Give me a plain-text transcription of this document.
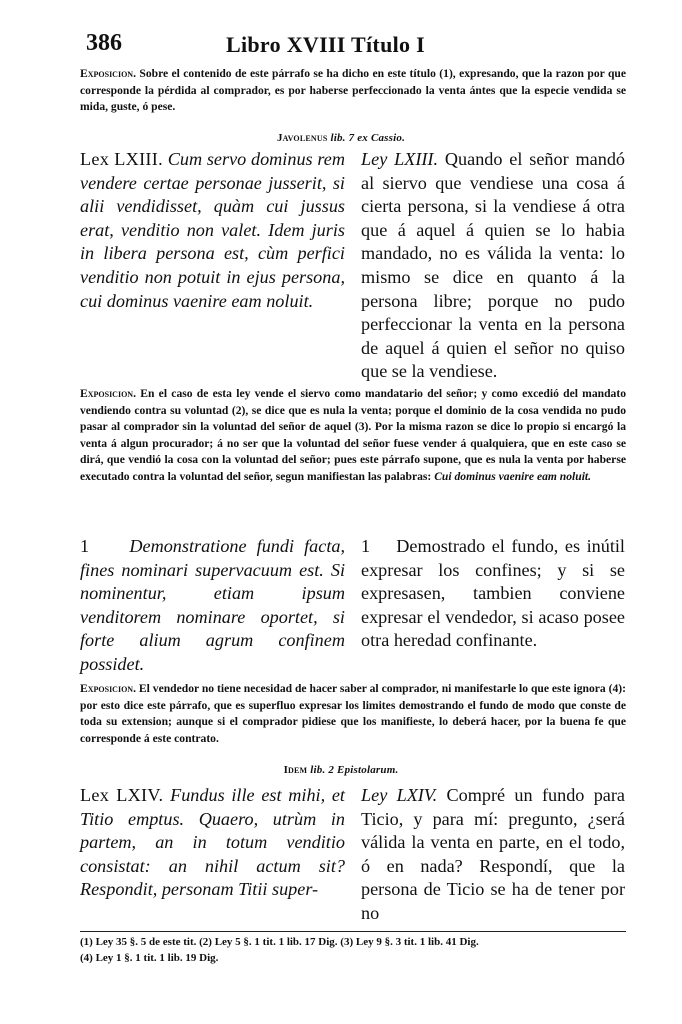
386	Libro XVIII Título I

Exposicion. Sobre el contenido de este párrafo se ha dicho en este título (1), expresando, que la razon por que corresponde la pérdida al comprador, es por haberse perfeccionado la venta ántes que la especie vendida se mida, guste, ó pese.

Javolenus lib. 7 ex Cassio.

Lex LXIII. Cum servo dominus rem vendere certae personae jusserit, si alii vendidisset, quàm cui jussus erat, venditio non valet. Idem juris in libera persona est, cùm perfici venditio non potuit in ejus persona, cui dominus vaenire eam noluit.

Ley LXIII. Quando el señor mandó al siervo que vendiese una cosa á cierta persona, si la vendiese á otra que á aquel á quien se lo habia mandado, no es válida la venta: lo mismo se dice en quanto á la persona libre; porque no pudo perfeccionar la venta en la persona de aquel á quien el señor no quiso que se la vendiese.

Exposicion. En el caso de esta ley vende el siervo como mandatario del señor; y como excedió del mandato vendiendo contra su voluntad (2), se dice que es nula la venta; porque el dominio de la cosa vendida no pudo pasar al comprador sin la voluntad del señor de aquel (3). Por la misma razon se dice lo propio si encargó la venta á algun procurador; á no ser que la voluntad del señor fuese vender á qualquiera, que en este caso se dirá, que vendió la cosa con la voluntad del señor; pues este párrafo supone, que es nula la venta por haberse executado contra la voluntad del señor, segun manifiestan las palabras: Cui dominus vaenire eam noluit.

1 Demonstratione fundi facta, fines nominari supervacuum est. Si nominentur, etiam ipsum venditorem nominare oportet, si forte alium agrum confinem possidet.

1 Demostrado el fundo, es inútil expresar los confines; y si se expresasen, tambien conviene expresar el vendedor, si acaso posee otra heredad confinante.

Exposicion. El vendedor no tiene necesidad de hacer saber al comprador, ni manifestarle lo que este ignora (4): por esto dice este párrafo, que es superfluo expresar los limites demostrando el fundo de modo que conste de toda su extension; aunque si el comprador pidiese que los manifieste, lo deberá hacer, por la buena fe que corresponde á este contrato.

Idem lib. 2 Epistolarum.

Lex LXIV. Fundus ille est mihi, et Titio emptus. Quaero, utrùm in partem, an in totum venditio consistat: an nihil actum sit? Respondit, personam Titii super-

Ley LXIV. Compré un fundo para Ticio, y para mí: pregunto, ¿será válida la venta en parte, en el todo, ó en nada? Respondí, que la persona de Ticio se ha de tener por no

(1) Ley 35 §. 5 de este tit. (2) Ley 5 §. 1 tit. 1 lib. 17 Dig. (3) Ley 9 §. 3 tit. 1 lib. 41 Dig.

(4) Ley 1 §. 1 tit. 1 lib. 19 Dig.
